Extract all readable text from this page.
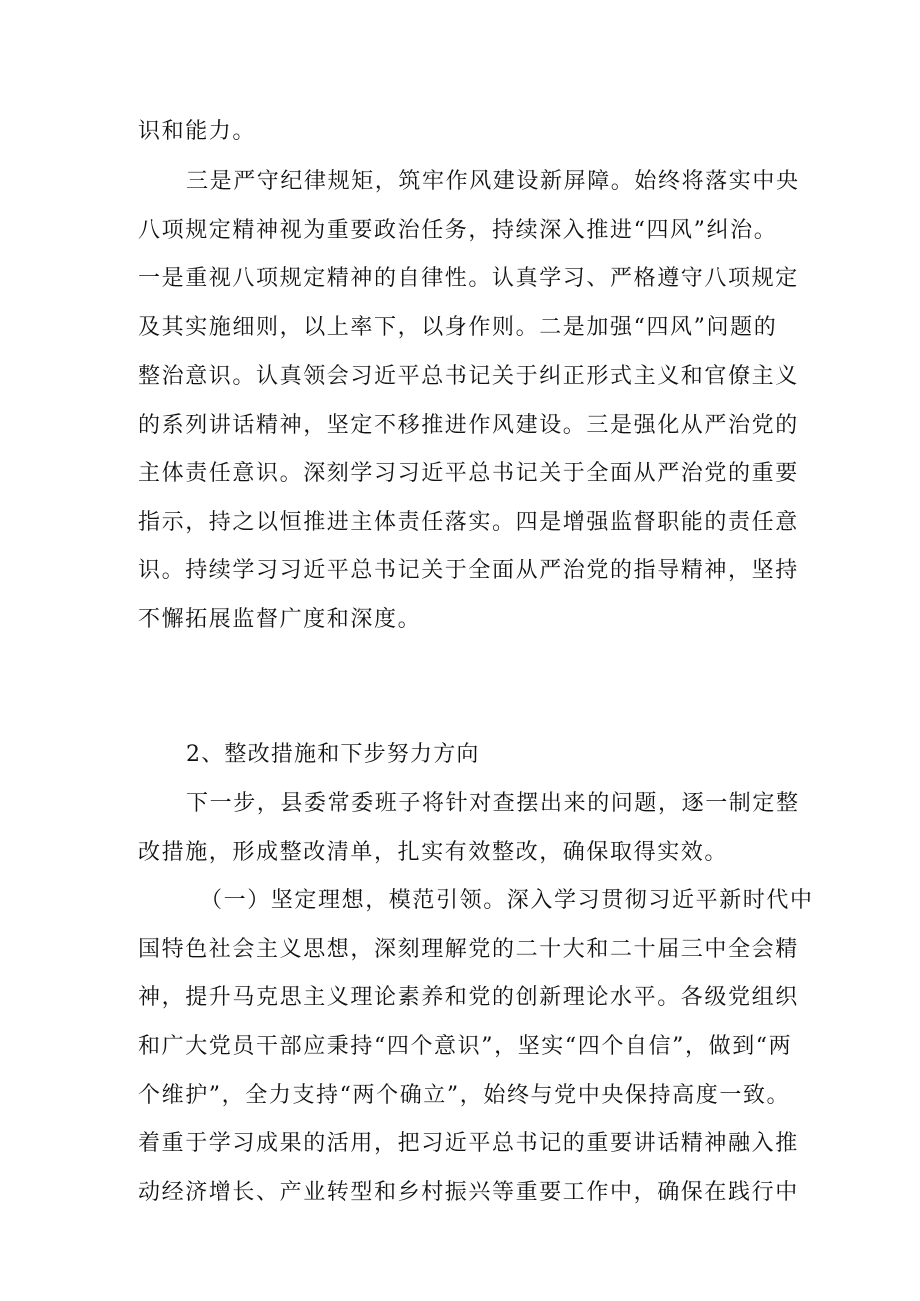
识和能力。
三是严守纪律规矩，筑牢作风建设新屏障。始终将落实中央
八项规定精神视为重要政治任务，持续深入推进“四风”纠治。
一是重视八项规定精神的自律性。认真学习、严格遵守八项规定
及其实施细则，以上率下，以身作则。二是加强“四风”问题的
整治意识。认真领会习近平总书记关于纠正形式主义和官僚主义
的系列讲话精神，坚定不移推进作风建设。三是强化从严治党的
主体责任意识。深刻学习习近平总书记关于全面从严治党的重要
指示，持之以恒推进主体责任落实。四是增强监督职能的责任意
识。持续学习习近平总书记关于全面从严治党的指导精神，坚持
不懈拓展监督广度和深度。
2、整改措施和下步努力方向
下一步，县委常委班子将针对查摆出来的问题，逐一制定整
改措施，形成整改清单，扎实有效整改，确保取得实效。
（一）坚定理想，模范引领。深入学习贯彻习近平新时代中
国特色社会主义思想，深刻理解党的二十大和二十届三中全会精
神，提升马克思主义理论素养和党的创新理论水平。各级党组织
和广大党员干部应秉持“四个意识”，坚实“四个自信”，做到“两
个维护”，全力支持“两个确立”，始终与党中央保持高度一致。
着重于学习成果的活用，把习近平总书记的重要讲话精神融入推
动经济增长、产业转型和乡村振兴等重要工作中，确保在践行中
